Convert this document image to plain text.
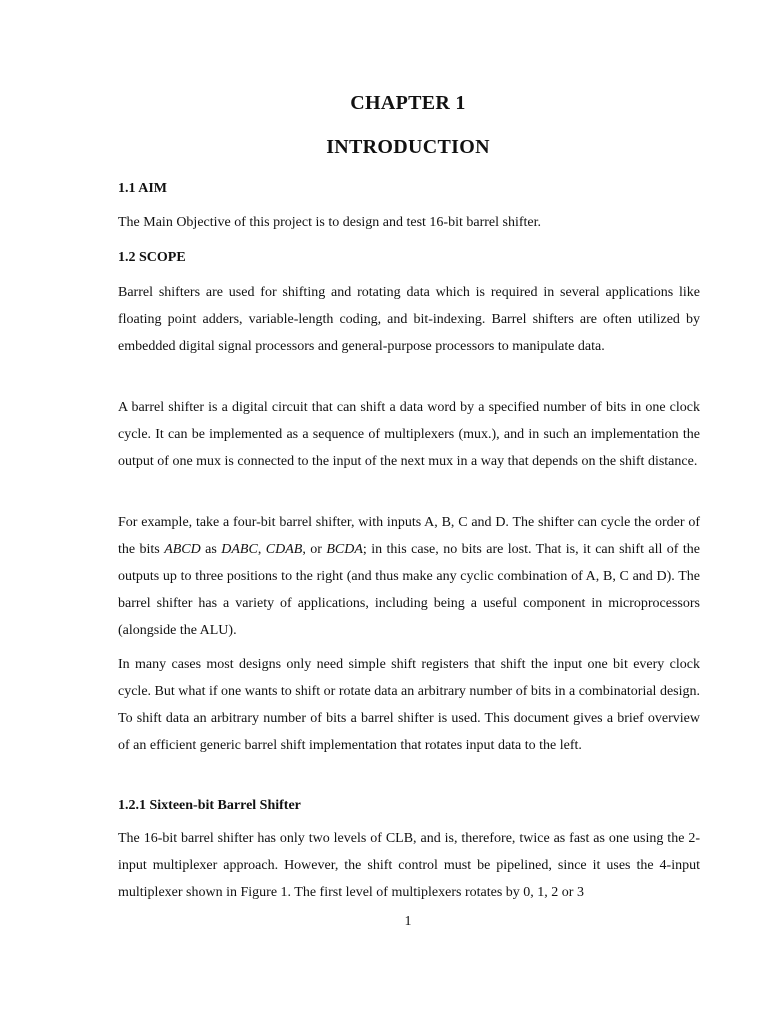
CHAPTER 1
INTRODUCTION
1.1 AIM
The Main Objective of this project is to design and test 16-bit barrel shifter.
1.2 SCOPE

Barrel shifters are used for shifting and rotating data which is required in several applications like floating point adders, variable-length coding, and bit-indexing. Barrel shifters are often utilized by embedded digital signal processors and general-purpose processors to manipulate data.

A barrel shifter is a digital circuit that can shift a data word by a specified number of bits in one clock cycle. It can be implemented as a sequence of multiplexers (mux.), and in such an implementation the output of one mux is connected to the input of the next mux in a way that depends on the shift distance.

For example, take a four-bit barrel shifter, with inputs A, B, C and D. The shifter can cycle the order of the bits ABCD as DABC, CDAB, or BCDA; in this case, no bits are lost. That is, it can shift all of the outputs up to three positions to the right (and thus make any cyclic combination of A, B, C and D). The barrel shifter has a variety of applications, including being a useful component in microprocessors (alongside the ALU).

In many cases most designs only need simple shift registers that shift the input one bit every clock cycle. But what if one wants to shift or rotate data an arbitrary number of bits in a combinatorial design. To shift data an arbitrary number of bits a barrel shifter is used. This document gives a brief overview of an efficient generic barrel shift implementation that rotates input data to the left.

1.2.1 Sixteen-bit Barrel Shifter

The 16-bit barrel shifter has only two levels of CLB, and is, therefore, twice as fast as one using the 2-input multiplexer approach. However, the shift control must be pipelined, since it uses the 4-input multiplexer shown in Figure 1. The first level of multiplexers rotates by 0, 1, 2 or 3

1
